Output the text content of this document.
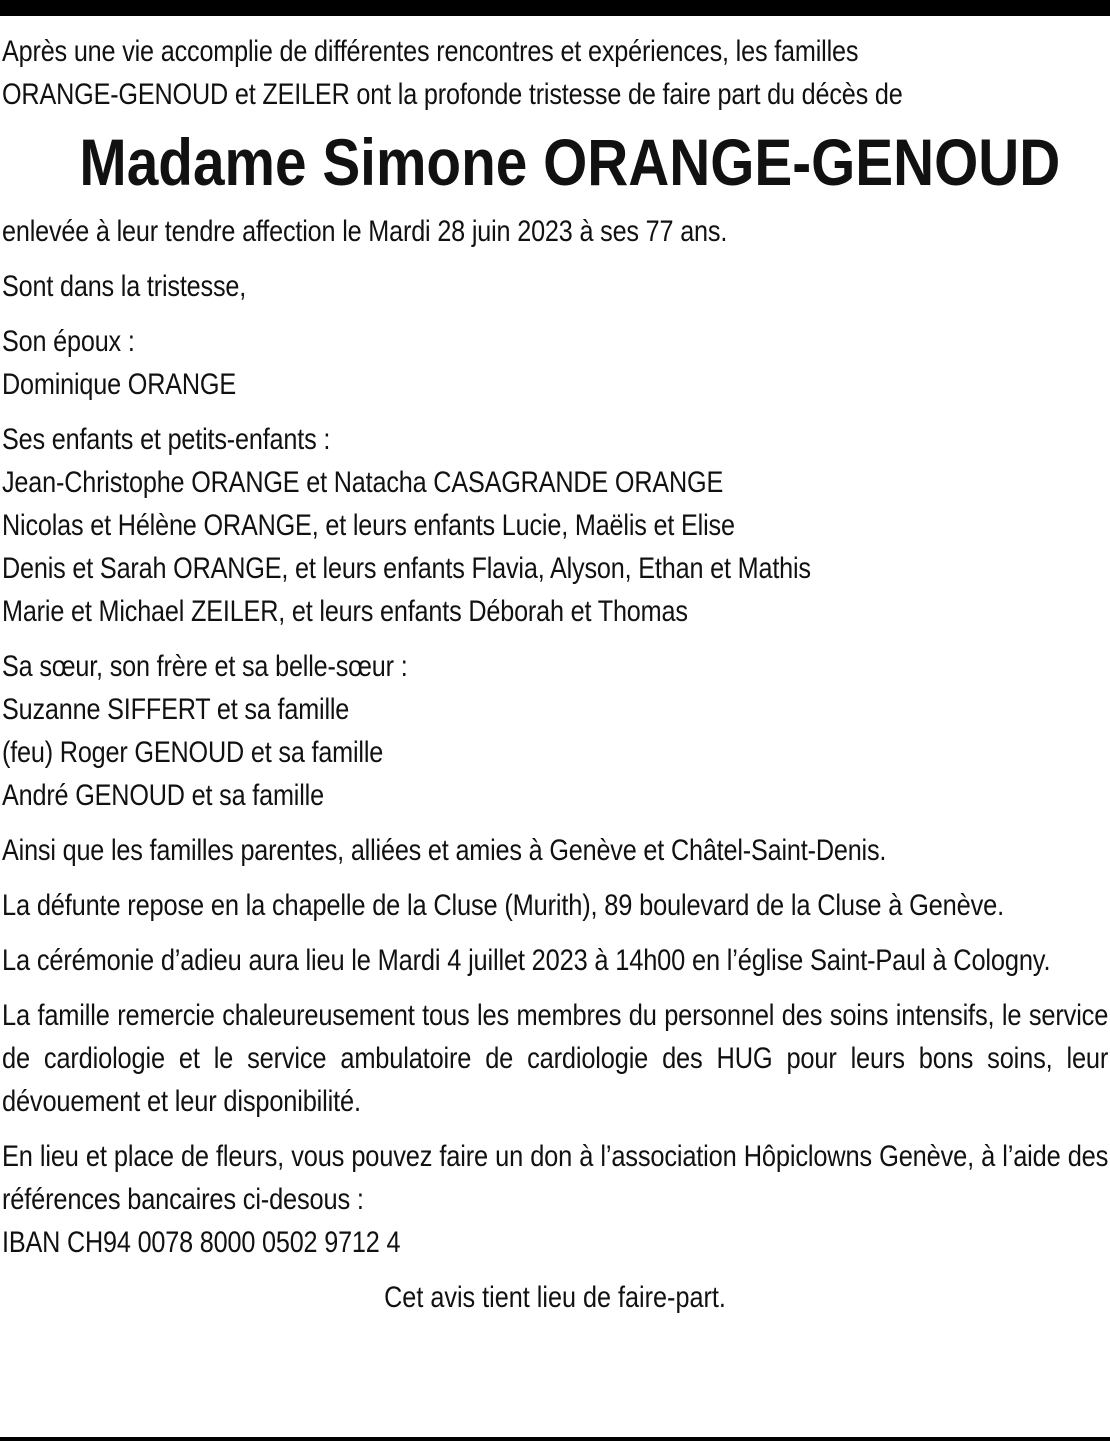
Après une vie accomplie de différentes rencontres et expériences, les familles
ORANGE-GENOUD et ZEILER ont la profonde tristesse de faire part du décès de
Madame Simone ORANGE-GENOUD
enlevée à leur tendre affection le Mardi 28 juin 2023 à ses 77 ans.
Sont dans la tristesse,
Son époux :
Dominique ORANGE
Ses enfants et petits-enfants :
Jean-Christophe ORANGE et Natacha CASAGRANDE ORANGE
Nicolas et Hélène ORANGE, et leurs enfants Lucie, Maëlis et Elise
Denis et Sarah ORANGE, et leurs enfants Flavia, Alyson, Ethan et Mathis
Marie et Michael ZEILER, et leurs enfants Déborah et Thomas
Sa sœur, son frère et sa belle-sœur :
Suzanne SIFFERT et sa famille
(feu) Roger GENOUD et sa famille
André GENOUD et sa famille
Ainsi que les familles parentes, alliées et amies à Genève et Châtel-Saint-Denis.
La défunte repose en la chapelle de la Cluse (Murith), 89 boulevard de la Cluse à Genève.
La cérémonie d’adieu aura lieu le Mardi 4 juillet 2023 à 14h00 en l’église Saint-Paul à Cologny.
La famille remercie chaleureusement tous les membres du personnel des soins intensifs, le service de cardiologie et le service ambulatoire de cardiologie des HUG pour leurs bons soins, leur dévouement et leur disponibilité.
En lieu et place de fleurs, vous pouvez faire un don à l’association Hôpiclowns Genève, à l’aide des références bancaires ci-desous :
IBAN CH94 0078 8000 0502 9712 4
Cet avis tient lieu de faire-part.
